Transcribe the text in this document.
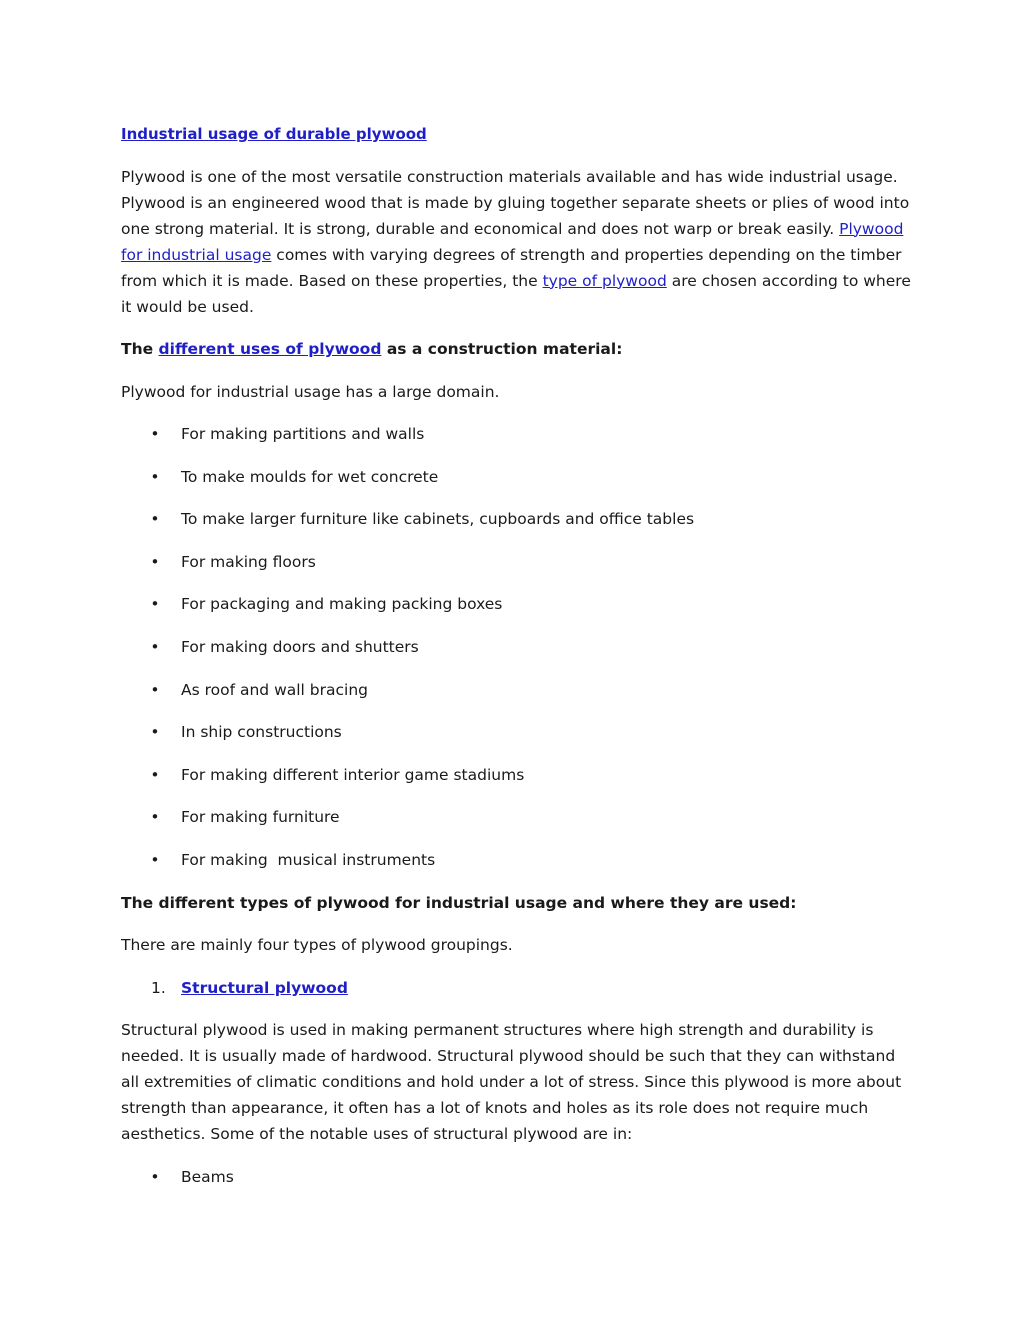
Industrial usage of durable plywood

Plywood is one of the most versatile construction materials available and has wide industrial usage. Plywood is an engineered wood that is made by gluing together separate sheets or plies of wood into one strong material. It is strong, durable and economical and does not warp or break easily. Plywood for industrial usage comes with varying degrees of strength and properties depending on the timber from which it is made. Based on these properties, the type of plywood are chosen according to where it would be used.

The different uses of plywood as a construction material:

Plywood for industrial usage has a large domain.

• For making partitions and walls
• To make moulds for wet concrete
• To make larger furniture like cabinets, cupboards and office tables
• For making floors
• For packaging and making packing boxes
• For making doors and shutters
• As roof and wall bracing
• In ship constructions
• For making different interior game stadiums
• For making furniture
• For making  musical instruments

The different types of plywood for industrial usage and where they are used:

There are mainly four types of plywood groupings.

1. Structural plywood

Structural plywood is used in making permanent structures where high strength and durability is needed. It is usually made of hardwood. Structural plywood should be such that they can withstand all extremities of climatic conditions and hold under a lot of stress. Since this plywood is more about strength than appearance, it often has a lot of knots and holes as its role does not require much aesthetics. Some of the notable uses of structural plywood are in:

• Beams
